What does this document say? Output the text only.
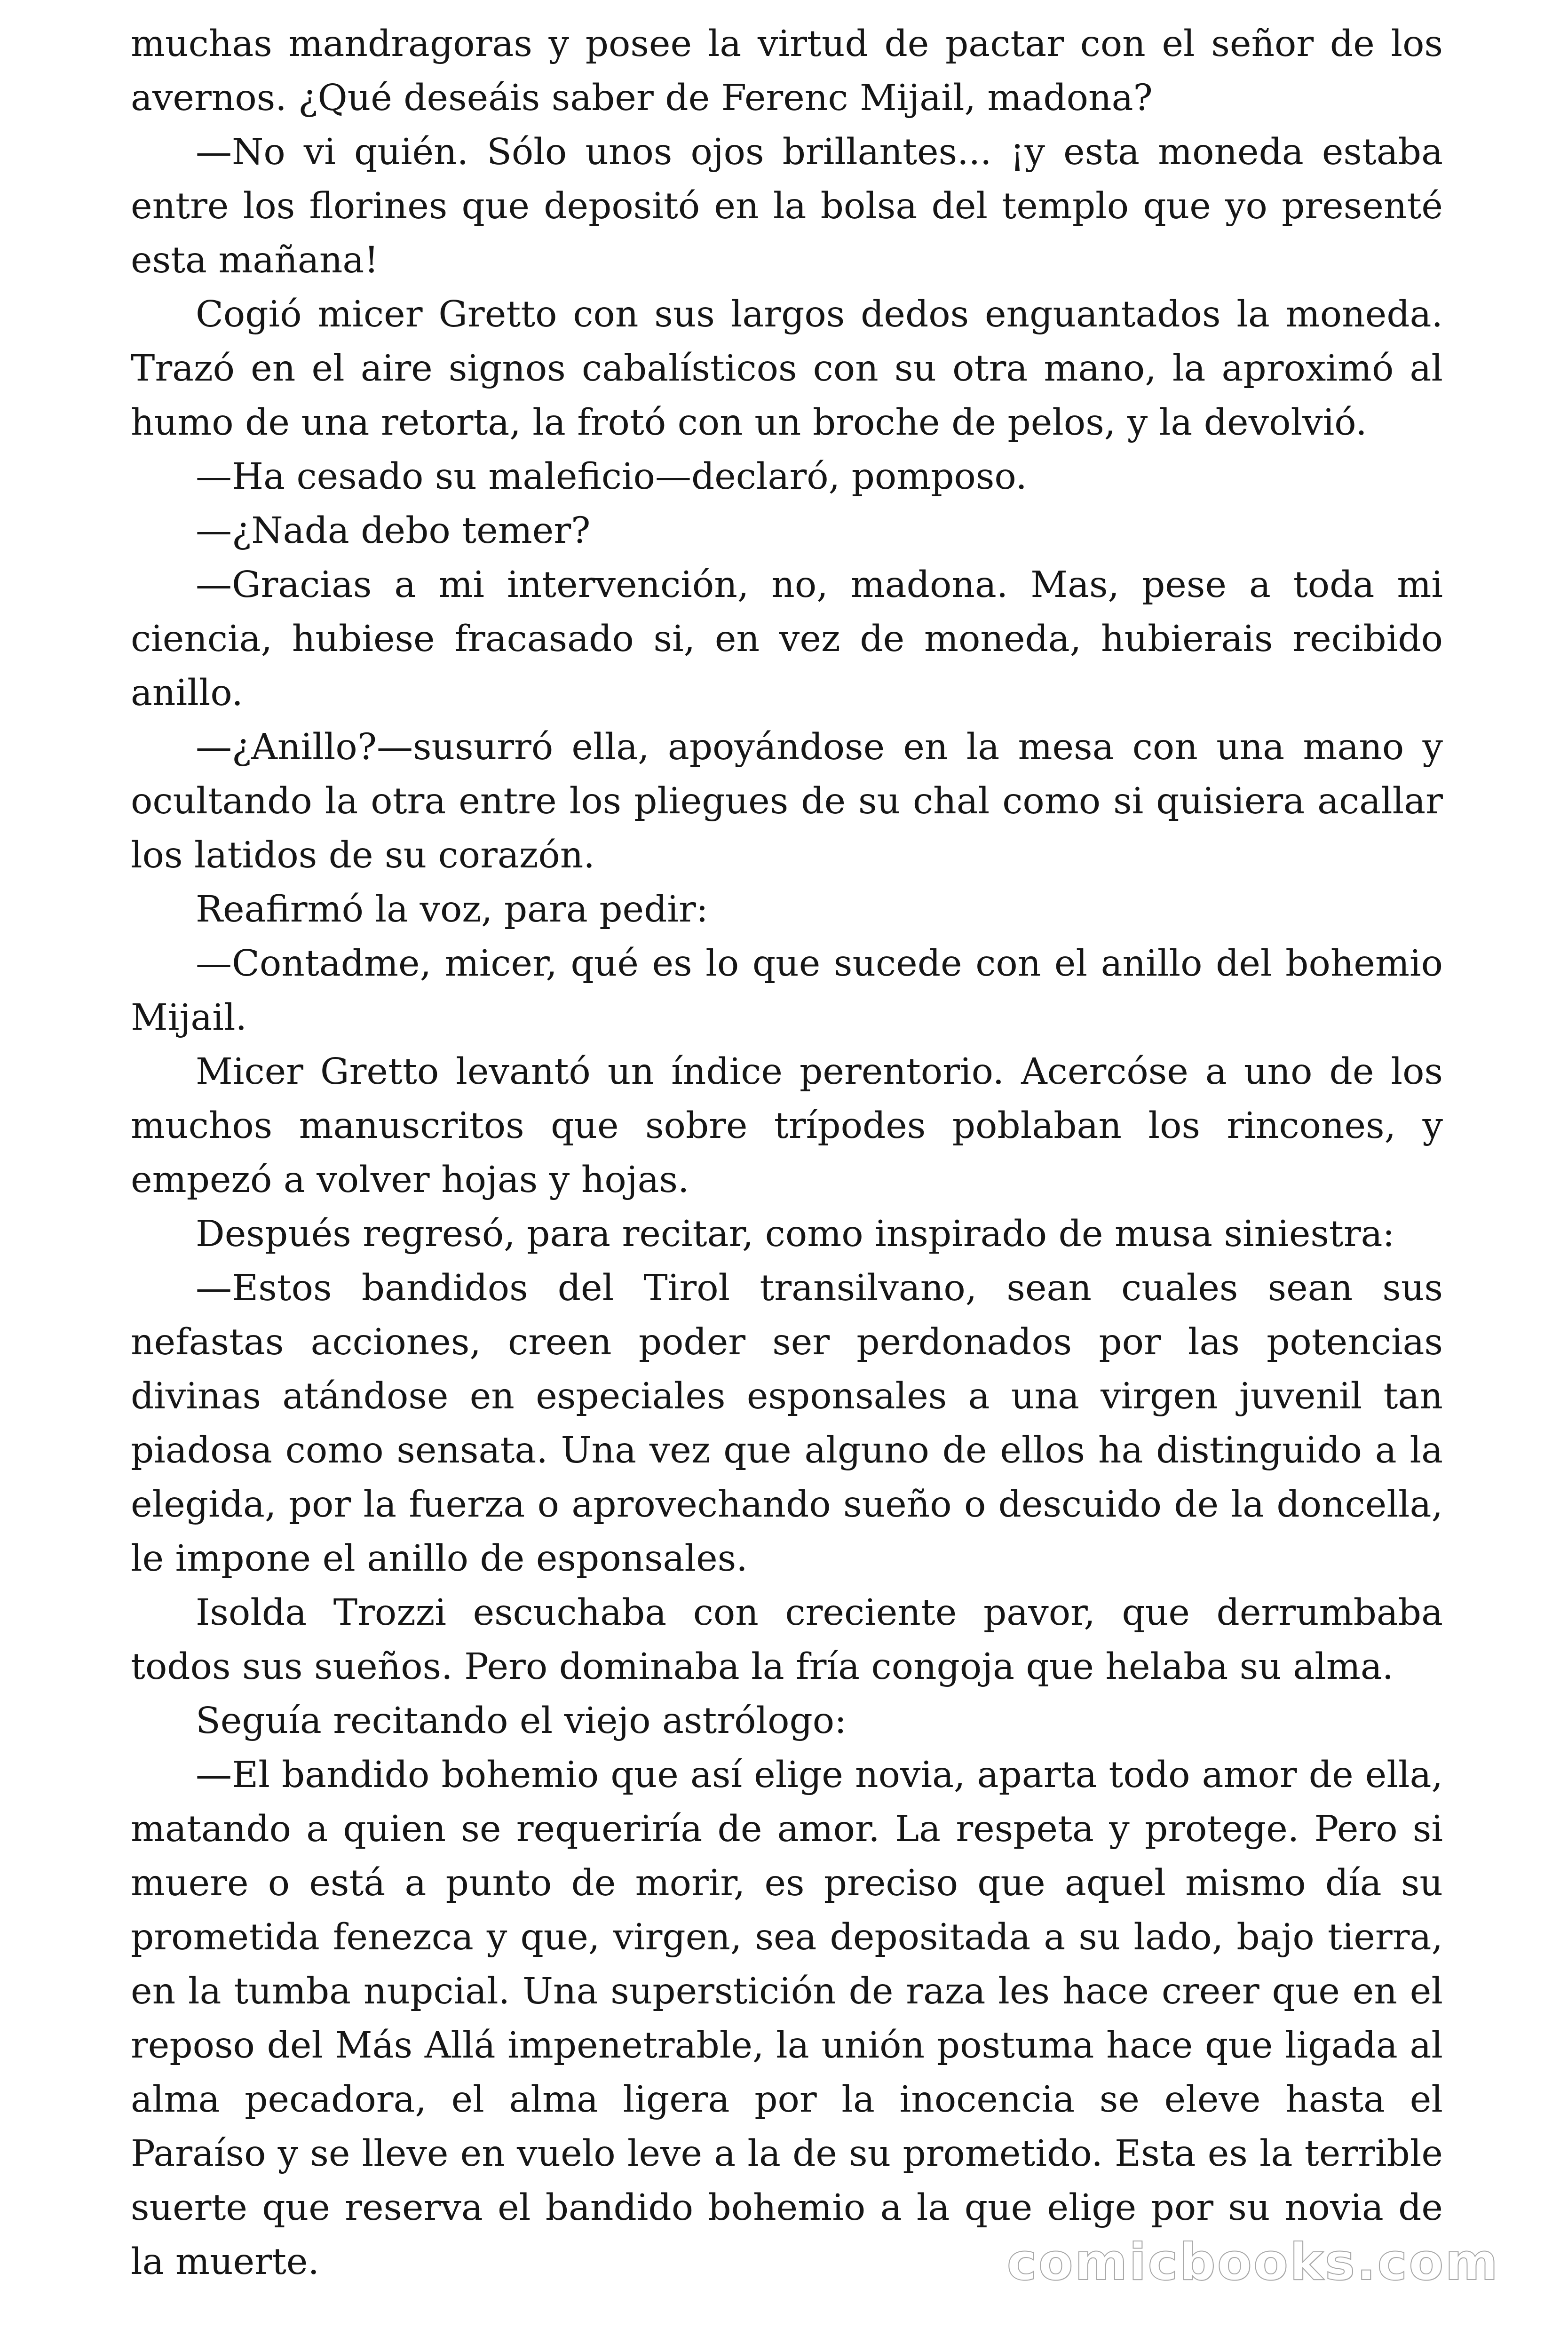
muchas mandragoras y posee la virtud de pactar con el señor de los avernos. ¿Qué deseáis saber de Ferenc Mijail, madona?

—No vi quién. Sólo unos ojos brillantes... ¡y esta moneda estaba entre los florines que depositó en la bolsa del templo que yo presenté esta mañana!

Cogió micer Gretto con sus largos dedos enguantados la moneda. Trazó en el aire signos cabalísticos con su otra mano, la aproximó al humo de una retorta, la frotó con un broche de pelos, y la devolvió.

—Ha cesado su maleficio—declaró, pomposo.

—¿Nada debo temer?

—Gracias a mi intervención, no, madona. Mas, pese a toda mi ciencia, hubiese fracasado si, en vez de moneda, hubierais recibido anillo.

—¿Anillo?—susurró ella, apoyándose en la mesa con una mano y ocultando la otra entre los pliegues de su chal como si quisiera acallar los latidos de su corazón.

Reafirmó la voz, para pedir:

—Contadme, micer, qué es lo que sucede con el anillo del bohemio Mijail.

Micer Gretto levantó un índice perentorio. Acercóse a uno de los muchos manuscritos que sobre trípodes poblaban los rincones, y empezó a volver hojas y hojas.

Después regresó, para recitar, como inspirado de musa siniestra:

—Estos bandidos del Tirol transilvano, sean cuales sean sus nefastas acciones, creen poder ser perdonados por las potencias divinas atándose en especiales esponsales a una virgen juvenil tan piadosa como sensata. Una vez que alguno de ellos ha distinguido a la elegida, por la fuerza o aprovechando sueño o descuido de la doncella, le impone el anillo de esponsales.

Isolda Trozzi escuchaba con creciente pavor, que derrumbaba todos sus sueños. Pero dominaba la fría congoja que helaba su alma.

Seguía recitando el viejo astrólogo:

—El bandido bohemio que así elige novia, aparta todo amor de ella, matando a quien se requeriría de amor. La respeta y protege. Pero si muere o está a punto de morir, es preciso que aquel mismo día su prometida fenezca y que, virgen, sea depositada a su lado, bajo tierra, en la tumba nupcial. Una superstición de raza les hace creer que en el reposo del Más Allá impenetrable, la unión postuma hace que ligada al alma pecadora, el alma ligera por la inocencia se eleve hasta el Paraíso y se lleve en vuelo leve a la de su prometido. Esta es la terrible suerte que reserva el bandido bohemio a la que elige por su novia de la muerte.	comicbooks.com
